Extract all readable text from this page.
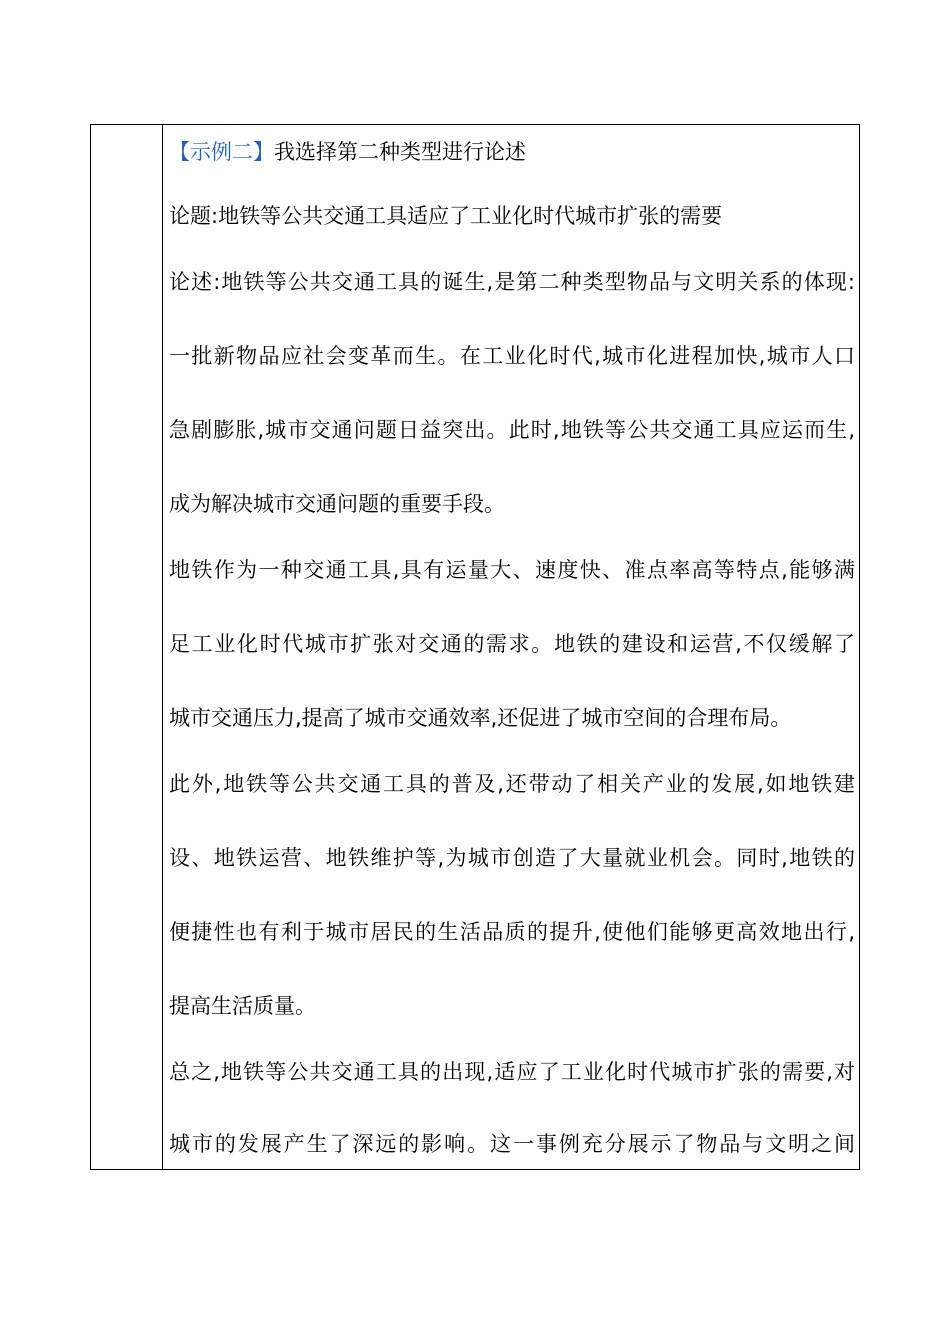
【示例二】我选择第二种类型进行论述
论题:地铁等公共交通工具适应了工业化时代城市扩张的需要
论述:地铁等公共交通工具的诞生,是第二种类型物品与文明关系的体现:
一批新物品应社会变革而生。在工业化时代,城市化进程加快,城市人口
急剧膨胀,城市交通问题日益突出。此时,地铁等公共交通工具应运而生,
成为解决城市交通问题的重要手段。
地铁作为一种交通工具,具有运量大、速度快、准点率高等特点,能够满
足工业化时代城市扩张对交通的需求。地铁的建设和运营,不仅缓解了
城市交通压力,提高了城市交通效率,还促进了城市空间的合理布局。
此外,地铁等公共交通工具的普及,还带动了相关产业的发展,如地铁建
设、地铁运营、地铁维护等,为城市创造了大量就业机会。同时,地铁的
便捷性也有利于城市居民的生活品质的提升,使他们能够更高效地出行,
提高生活质量。
总之,地铁等公共交通工具的出现,适应了工业化时代城市扩张的需要,对
城市的发展产生了深远的影响。这一事例充分展示了物品与文明之间
